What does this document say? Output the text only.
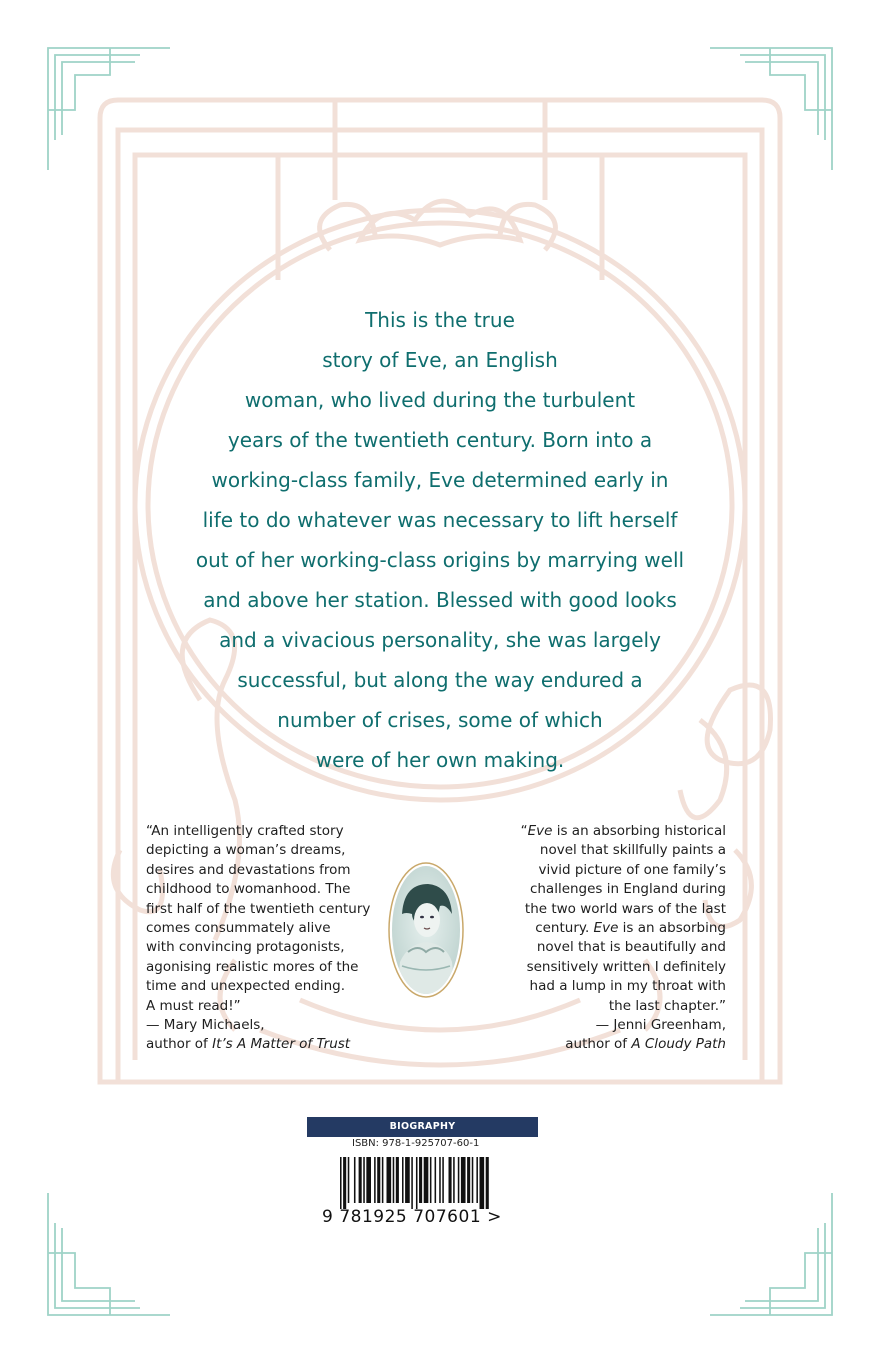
This is the true
story of Eve, an English
woman, who lived during the turbulent
years of the twentieth century. Born into a
working-class family, Eve determined early in
life to do whatever was necessary to lift herself
out of her working-class origins by marrying well
and above her station. Blessed with good looks
and a vivacious personality, she was largely
successful, but along the way endured a
number of crises, some of which
were of her own making.
“An intelligently crafted story
depicting a woman’s dreams,
desires and devastations from
childhood to womanhood. The
first half of the twentieth century
comes consummately alive
with convincing protagonists,
agonising realistic mores of the
time and unexpected ending.
A must read!”
— Mary Michaels,
author of It’s A Matter of Trust
“Eve is an absorbing historical
novel that skillfully paints a
vivid picture of one family’s
challenges in England during
the two world wars of the last
century. Eve is an absorbing
novel that is beautifully and
sensitively written I definitely
had a lump in my throat with
the last chapter.”
— Jenni Greenham,
author of A Cloudy Path
BIOGRAPHY
ISBN: 978-1-925707-60-1
9 781925 707601 >
